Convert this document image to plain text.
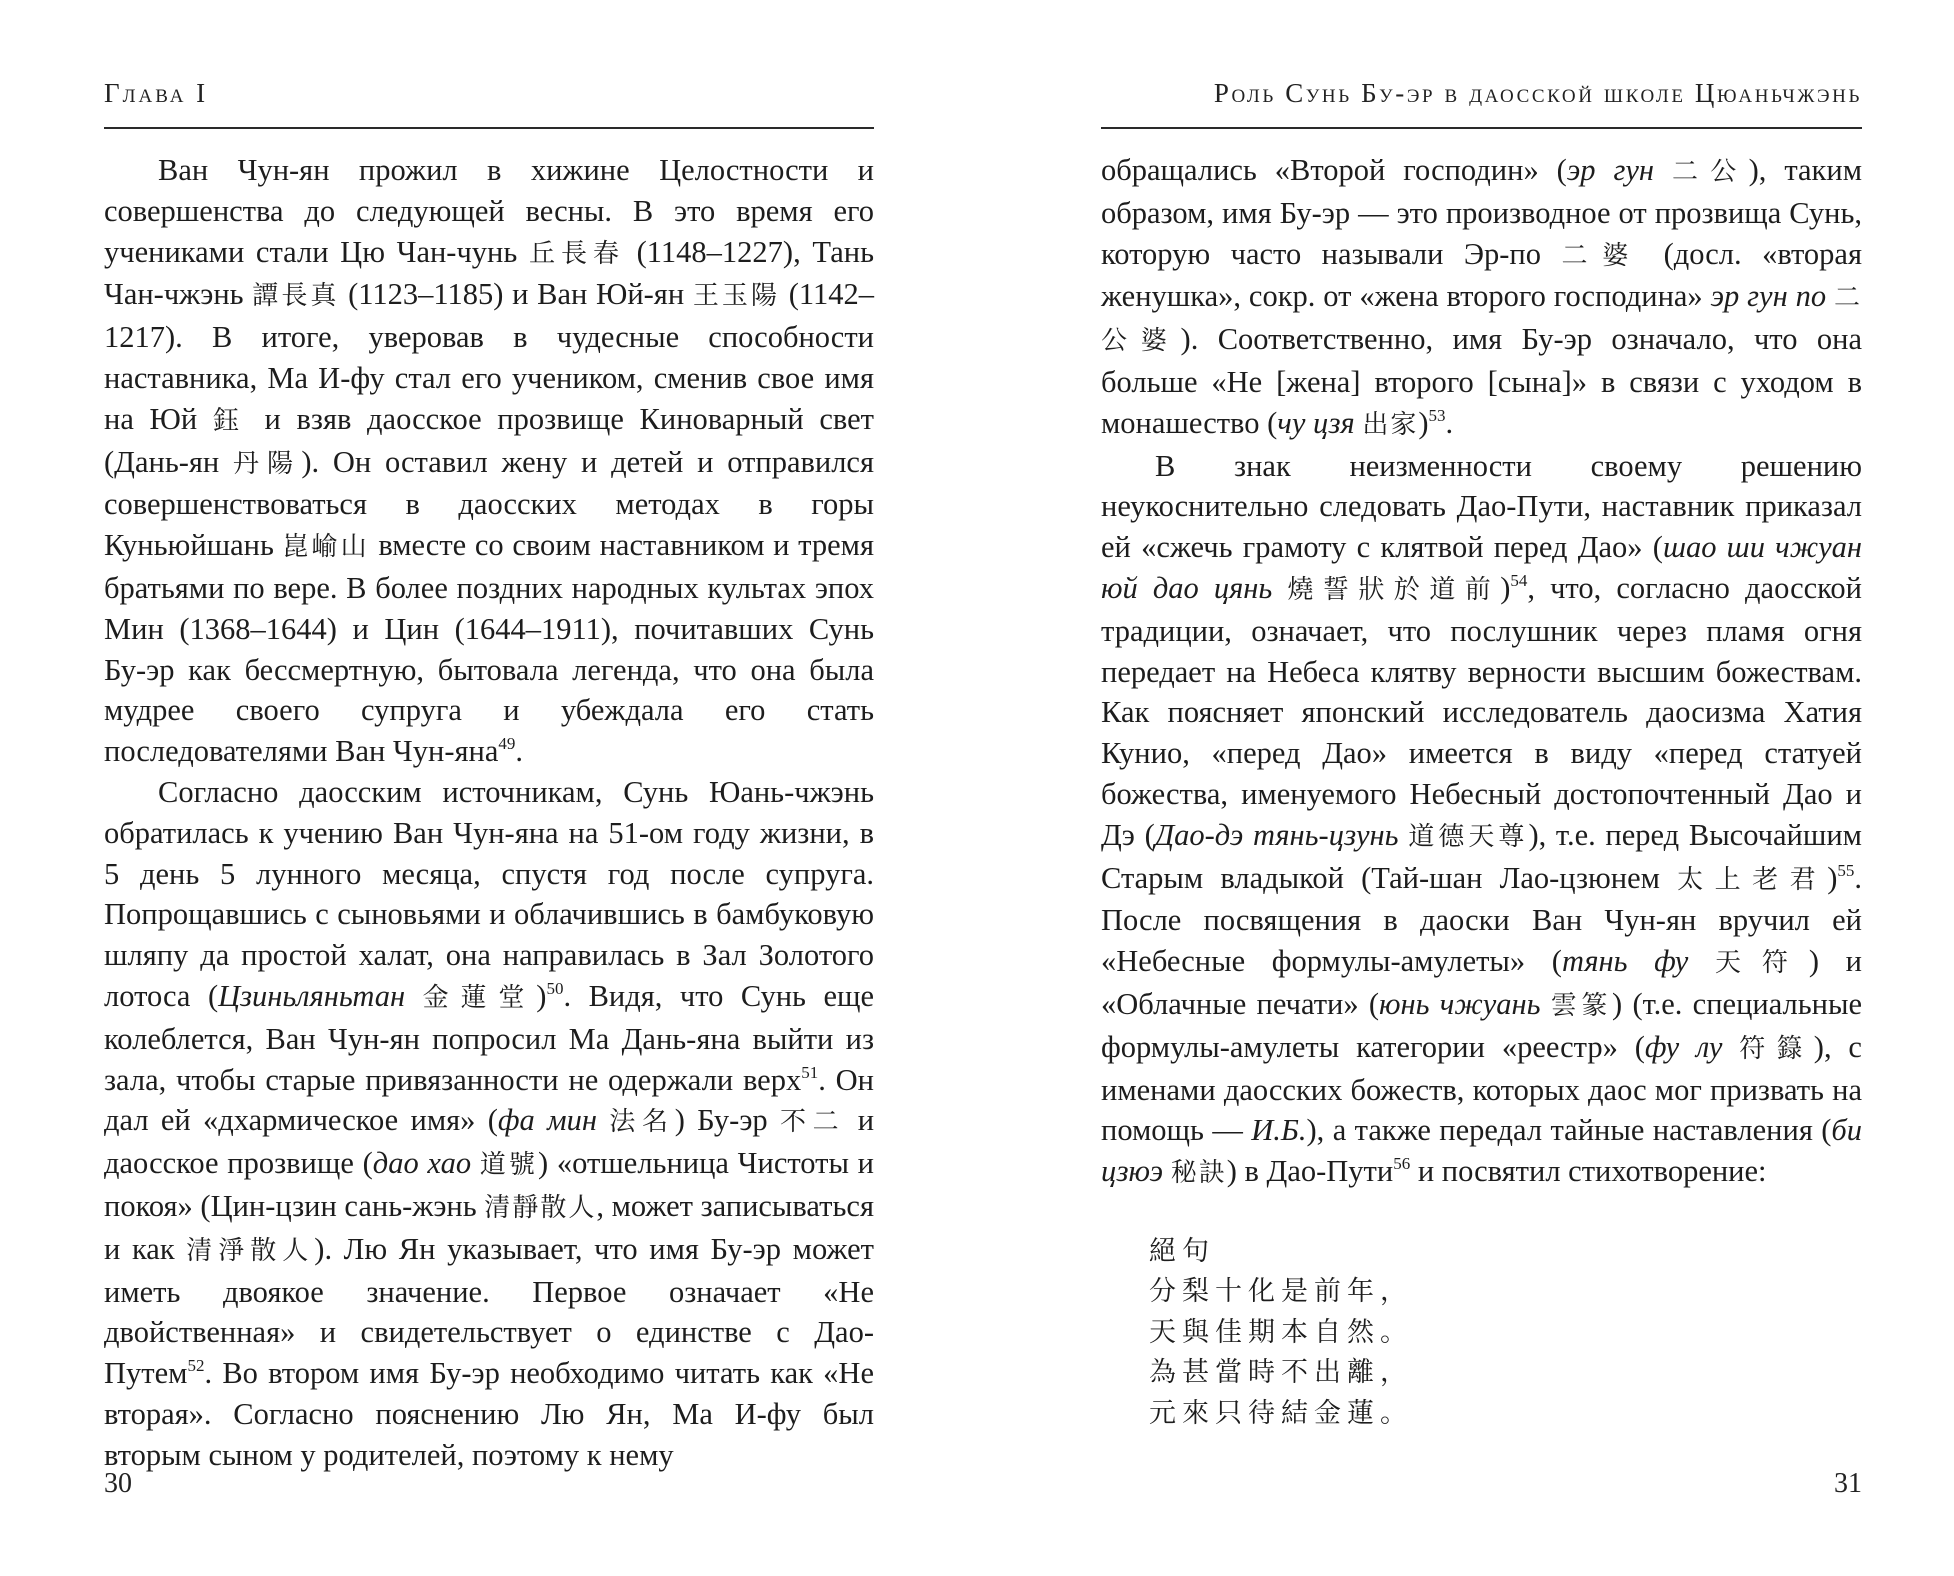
Глава I

Ван Чун-ян прожил в хижине Целостности и совершенства до следующей весны. В это время его учениками стали Цю Чан-чунь 丘長春 (1148–1227), Тань Чан-чжэнь 譚長真 (1123–1185) и Ван Юй-ян 王玉陽 (1142–1217). В итоге, уверовав в чудесные способности наставника, Ма И-фу стал его учеником, сменив свое имя на Юй 鈺 и взяв даосское прозвище Киноварный свет (Дань-ян 丹陽). Он оставил жену и детей и отправился совершенствоваться в даосских методах в горы Куньюйшань 崑崳山 вместе со своим наставником и тремя братьями по вере. В более поздних народных культах эпох Мин (1368–1644) и Цин (1644–1911), почитавших Сунь Бу-эр как бессмертную, бытовала легенда, что она была мудрее своего супруга и убеждала его стать последователями Ван Чун-яна$^{49}$.

Согласно даосским источникам, Сунь Юань-чжэнь обратилась к учению Ван Чун-яна на 51-ом году жизни, в 5 день 5 лунного месяца, спустя год после супруга. Попрощавшись с сыновьями и облачившись в бамбуковую шляпу да простой халат, она направилась в Зал Золотого лотоса (Цзиньляньтан 金蓮堂)$^{50}$. Видя, что Сунь еще колеблется, Ван Чун-ян попросил Ма Дань-яна выйти из зала, чтобы старые привязанности не одержали верх$^{51}$. Он дал ей «дхармическое имя» (фа мин 法名) Бу-эр 不二 и даосское прозвище (дао хао 道號) «отшельница Чистоты и покоя» (Цин-цзин сань-жэнь 清靜散人, может записываться и как 清淨散人). Лю Ян указывает, что имя Бу-эр может иметь двоякое значение. Первое означает «Не двойственная» и свидетельствует о единстве с Дао-Путем$^{52}$. Во втором имя Бу-эр необходимо читать как «Не вторая». Согласно пояснению Лю Ян, Ма И-фу был вторым сыном у родителей, поэтому к нему

30
Роль Сунь Бу-эр в даосской школе Цюаньчжэнь

обращались «Второй господин» (эр гун 二公), таким образом, имя Бу-эр — это производное от прозвища Сунь, которую часто называли Эр-по 二婆 (досл. «вторая женушка», сокр. от «жена второго господина» эр гун по 二公婆). Соответственно, имя Бу-эр означало, что она больше «Не [жена] второго [сына]» в связи с уходом в монашество (чу цзя 出家)$^{53}$.

В знак неизменности своему решению неукоснительно следовать Дао-Пути, наставник приказал ей «сжечь грамоту с клятвой перед Дао» (шао ши чжуан юй дао цянь 燒誓狀於道前)$^{54}$, что, согласно даосской традиции, означает, что послушник через пламя огня передает на Небеса клятву верности высшим божествам. Как поясняет японский исследователь даосизма Хатия Кунио, «перед Дао» имеется в виду «перед статуей божества, именуемого Небесный достопочтенный Дао и Дэ (Дао-дэ тянь-цзунь 道德天尊), т.е. перед Высочайшим Старым владыкой (Тай-шан Лао-цзюнем 太上老君)$^{55}$. После посвящения в даоски Ван Чун-ян вручил ей «Небесные формулы-амулеты» (тянь фу 天符) и «Облачные печати» (юнь чжуань 雲篆) (т.е. специальные формулы-амулеты категории «реестр» (фу лу 符籙), с именами даосских божеств, которых даос мог призвать на помощь — И.Б.), а также передал тайные наставления (би цзюэ 秘訣) в Дао-Пути$^{56}$ и посвятил стихотворение:

絕句
分梨十化是前年，
天與佳期本自然。
為甚當時不出離，
元來只待結金蓮。
31
